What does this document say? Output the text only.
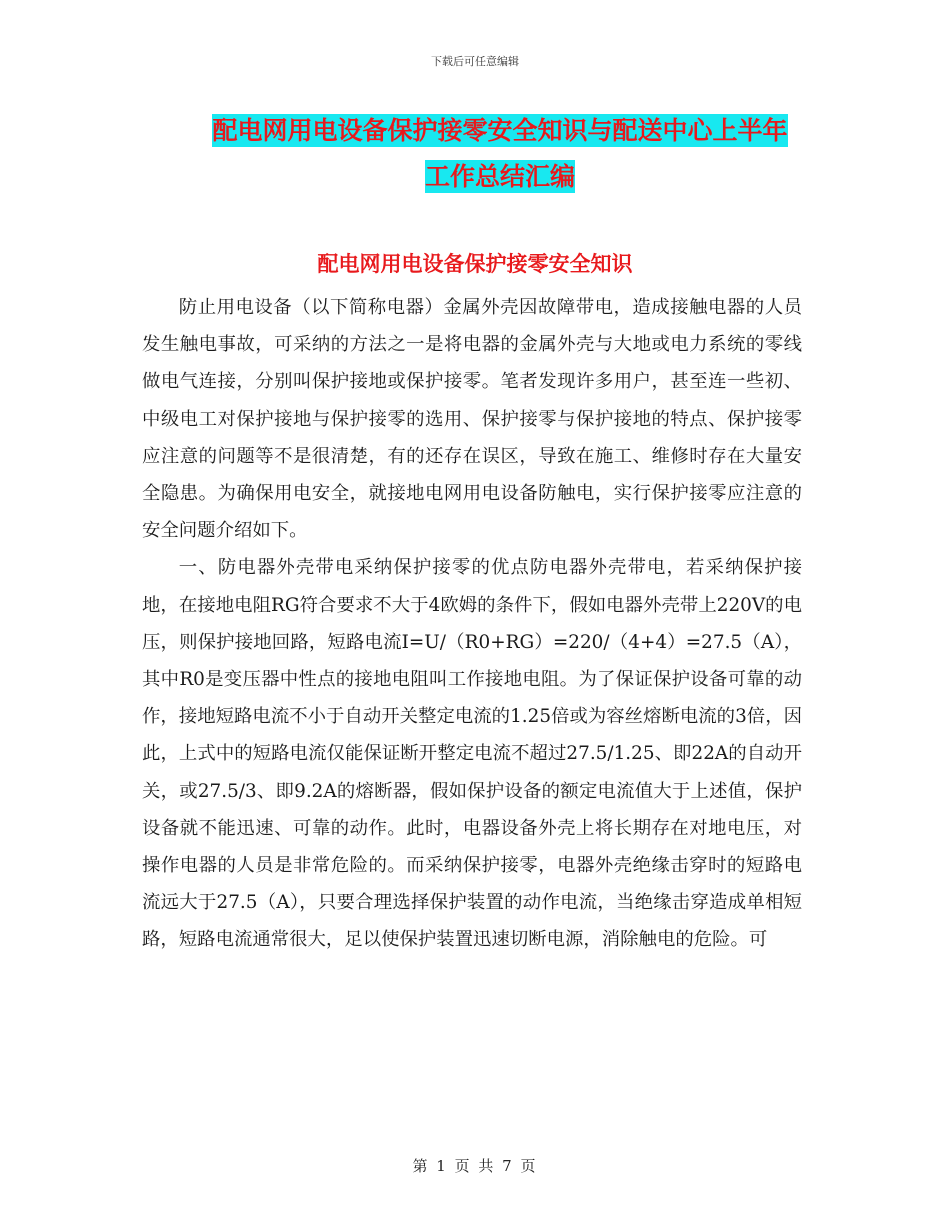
下载后可任意编辑
配电网用电设备保护接零安全知识与配送中心上半年
工作总结汇编
配电网用电设备保护接零安全知识

防止用电设备（以下简称电器）金属外壳因故障带电，造成接触电器的人员发生触电事故，可采纳的方法之一是将电器的金属外壳与大地或电力系统的零线做电气连接，分别叫保护接地或保护接零。笔者发现许多用户，甚至连一些初、中级电工对保护接地与保护接零的选用、保护接零与保护接地的特点、保护接零应注意的问题等不是很清楚，有的还存在误区，导致在施工、维修时存在大量安全隐患。为确保用电安全，就接地电网用电设备防触电，实行保护接零应注意的安全问题介绍如下。

一、防电器外壳带电采纳保护接零的优点防电器外壳带电，若采纳保护接地，在接地电阻RG符合要求不大于4欧姆的条件下，假如电器外壳带上220V的电压，则保护接地回路，短路电流I=U/（R0+RG）=220/（4+4）=27.5（A），其中R0是变压器中性点的接地电阻叫工作接地电阻。为了保证保护设备可靠的动作，接地短路电流不小于自动开关整定电流的1.25倍或为容丝熔断电流的3倍，因此，上式中的短路电流仅能保证断开整定电流不超过27.5/1.25、即22A的自动开关，或27.5/3、即9.2A的熔断器，假如保护设备的额定电流值大于上述值，保护设备就不能迅速、可靠的动作。此时，电器设备外壳上将长期存在对地电压，对操作电器的人员是非常危险的。而采纳保护接零，电器外壳绝缘击穿时的短路电流远大于27.5（A），只要合理选择保护装置的动作电流，当绝缘击穿造成单相短路，短路电流通常很大，足以使保护装置迅速切断电源，消除触电的危险。可

第 1 页 共 7 页
